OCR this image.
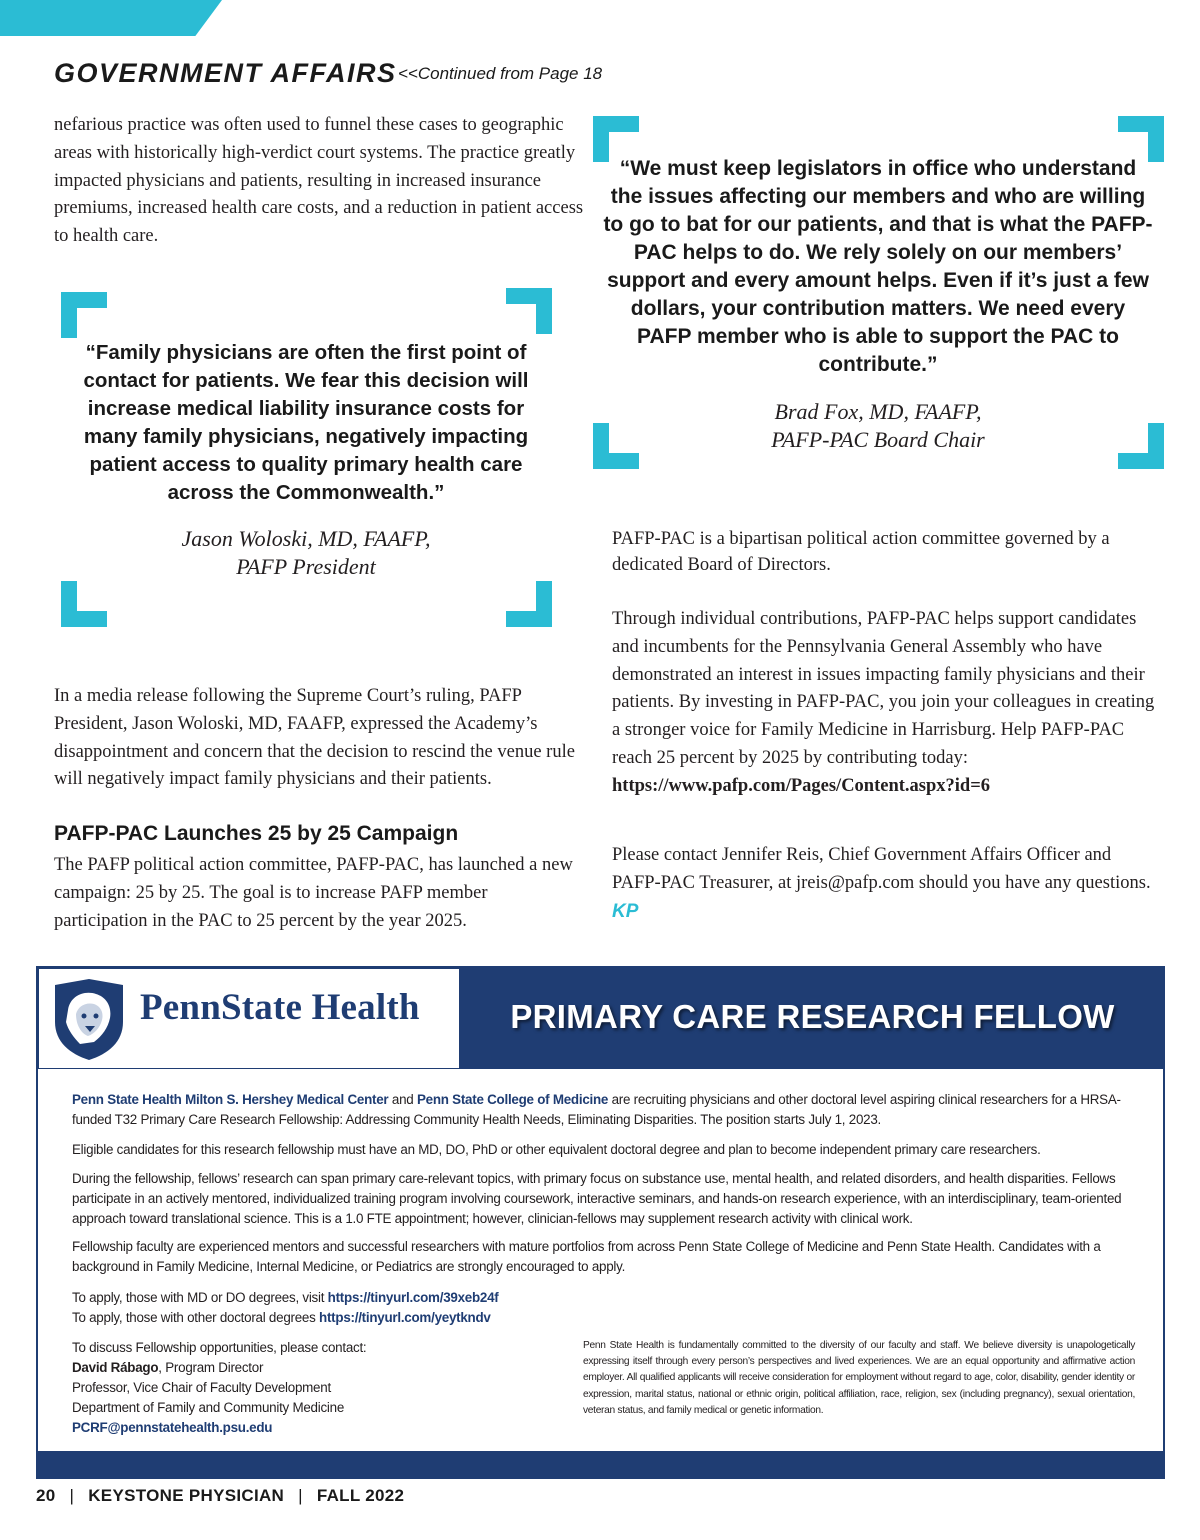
GOVERNMENT AFFAIRS <<Continued from Page 18

nefarious practice was often used to funnel these cases to geographic areas with historically high-verdict court systems. The practice greatly impacted physicians and patients, resulting in increased insurance premiums, increased health care costs, and a reduction in patient access to health care.

“Family physicians are often the first point of contact for patients. We fear this decision will increase medical liability insurance costs for many family physicians, negatively impacting patient access to quality primary health care across the Commonwealth.”
Jason Woloski, MD, FAAFP,
PAFP President

In a media release following the Supreme Court’s ruling, PAFP President, Jason Woloski, MD, FAAFP, expressed the Academy’s disappointment and concern that the decision to rescind the venue rule will negatively impact family physicians and their patients.

PAFP-PAC Launches 25 by 25 Campaign

The PAFP political action committee, PAFP-PAC, has launched a new campaign: 25 by 25. The goal is to increase PAFP member participation in the PAC to 25 percent by the year 2025.

“We must keep legislators in office who understand the issues affecting our members and who are willing to go to bat for our patients, and that is what the PAFP-PAC helps to do. We rely solely on our members’ support and every amount helps. Even if it’s just a few dollars, your contribution matters. We need every PAFP member who is able to support the PAC to contribute.”
Brad Fox, MD, FAAFP,
PAFP-PAC Board Chair

PAFP-PAC is a bipartisan political action committee governed by a dedicated Board of Directors.

Through individual contributions, PAFP-PAC helps support candidates and incumbents for the Pennsylvania General Assembly who have demonstrated an interest in issues impacting family physicians and their patients. By investing in PAFP-PAC, you join your colleagues in creating a stronger voice for Family Medicine in Harrisburg. Help PAFP-PAC reach 25 percent by 2025 by contributing today: https://www.pafp.com/Pages/Content.aspx?id=6

Please contact Jennifer Reis, Chief Government Affairs Officer and PAFP-PAC Treasurer, at jreis@pafp.com should you have any questions. KP

PennState Health	PRIMARY CARE RESEARCH FELLOW

Penn State Health Milton S. Hershey Medical Center and Penn State College of Medicine are recruiting physicians and other doctoral level aspiring clinical researchers for a HRSA-funded T32 Primary Care Research Fellowship: Addressing Community Health Needs, Eliminating Disparities. The position starts July 1, 2023.

Eligible candidates for this research fellowship must have an MD, DO, PhD or other equivalent doctoral degree and plan to become independent primary care researchers.

During the fellowship, fellows’ research can span primary care-relevant topics, with primary focus on substance use, mental health, and related disorders, and health disparities. Fellows participate in an actively mentored, individualized training program involving coursework, interactive seminars, and hands-on research experience, with an interdisciplinary, team-oriented approach toward translational science. This is a 1.0 FTE appointment; however, clinician-fellows may supplement research activity with clinical work.

Fellowship faculty are experienced mentors and successful researchers with mature portfolios from across Penn State College of Medicine and Penn State Health. Candidates with a background in Family Medicine, Internal Medicine, or Pediatrics are strongly encouraged to apply.

To apply, those with MD or DO degrees, visit https://tinyurl.com/39xeb24f

To apply, those with other doctoral degrees https://tinyurl.com/yeytkndv

To discuss Fellowship opportunities, please contact:
David Rábago, Program Director
Professor, Vice Chair of Faculty Development
Department of Family and Community Medicine
PCRF@pennstatehealth.psu.edu

Penn State Health is fundamentally committed to the diversity of our faculty and staff. We believe diversity is unapologetically expressing itself through every person’s perspectives and lived experiences. We are an equal opportunity and affirmative action employer. All qualified applicants will receive consideration for employment without regard to age, color, disability, gender identity or expression, marital status, national or ethnic origin, political affiliation, race, religion, sex (including pregnancy), sexual orientation, veteran status, and family medical or genetic information.

20 | KEYSTONE PHYSICIAN | FALL 2022
